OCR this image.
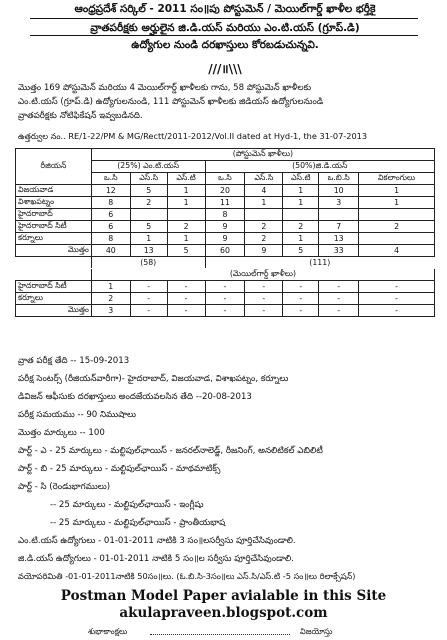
ఆంధ్రప్రదేశ్ సర్కిల్ - 2011 సం॥పు పోస్టుమెన్ / మెయిల్‌గార్డ్ ఖాళీల భర్తీకై
వ్రాతపరీక్షకు అర్హులైన జి.డి.యస్ మరియు ఎం.టి.యస్ (గ్రూప్.డి)
ఉద్యోగుల నుండి దరఖాస్తులు కోరబడుచున్నవి.
///॥\\\
మొత్తం 169 పోస్టుమెన్ మరియు 4 మెయిల్‌గార్డ్ ఖాళీలకు గాను, 58 పోస్టుమెన్ ఖాళీలకు
ఎం.టి.యస్ (గ్రూప్.డి) ఉద్యోగులనుండి, 111 పోస్టుమెన్ ఖాళీలకు జిడియస్ ఉద్యోగులనుండి
వ్రాతపరీక్షకు నోటిఫికేషన్ ఇవ్వబడినది.
ఉత్తర్వుల నం.. RE/1-22/PM & MG/Rectt/2011-2012/Vol.II dated at Hyd-1, the 31-07-2013
రీజియన్	(పోస్టుమెన్ ఖాళీలు)							
	(25%) ఎం.టి.యస్			(50%)జి.డి.యస్				
	ఒ.సి	ఎస్.సి	ఎస్.టి	ఒ.సి	ఎస్.సి	ఎస్.టి	ఒ.బి.సి	వికలాంగులు
విజయవాడ	12	5	1	20	4	1	10	1
విశాఖపట్నం	8	2	1	11	1	1	3	1
హైదరాబాద్	6			8				
హైదరాబాద్ సిటీ	6	5	2	9	2	2	7	2
కర్నూలు	8	1	1	9	2	1	13	
మొత్తం	40	13	5	60	9	5	33	4
	(58)			(111)				
	(మెయిల్‌గార్డ్ ఖాళీలు)							
హైదరాబాద్ సిటీ	1	-	-	-	-	-	-	-
కర్నూలు	2	-	-	-	-	-	-	-
మొత్తం	3	-	-	-	-	-	-	-
వ్రాత పరీక్ష తేది -- 15-09-2013
పరీక్ష సెంటర్స్ (రీజియన్‌వారీగా)- హైదరాబాద్, విజయవాడ, విశాఖపట్నం, కర్నూలు
డివిజన్ ఆఫీసుకు దరఖాస్తులు అందజేయవలసిన తేది --20-08-2013
పరీక్ష సమయము -- 90 నిముషాలు
మొత్తం మార్కులు -- 100
పార్ట్ - ఎ - 25 మార్కులు - మల్టిపుల్‌ఛాయిస్ - జనరల్‌నాలెడ్జ్, రీజనింగ్, అనలిటికల్ ఎబిలిటీ
పార్ట్ - బి - 25 మార్కులు - మల్టిపుల్‌ఛాయిస్ - మాథమాటిక్స్
పార్ట్ - సి (రెండుభాగములు)
-- 25 మార్కులు - మల్టిపుల్‌ఛాయిస్ - ఇంగ్లీషు
-- 25 మార్కులు - మల్టిపుల్‌ఛాయిస్ - ప్రాంతీయభాష
ఎం.టి.యస్ ఉద్యోగులు - 01-01-2011 నాటికి 3 సం॥లసర్వీసు పూర్తిచేసివుండాలి.
జి.డి.యస్ ఉద్యోగులు - 01-01-2011 నాటికి 5 సం॥ల సర్వీసు పూర్తిచేసివుండాలి.
వయోపరిమితి -01-01-2011నాటికి 50సం॥లు. (ఓ.బి.సి-3సం॥లు ఎస్.సి/ఎస్.టి -5 సం॥లు రిలాక్సేషన్)
Postman Model Paper avialable in this Site
akulapraveen.blogspot.com
శుభాకాంక్షలు	విజయోస్తు
